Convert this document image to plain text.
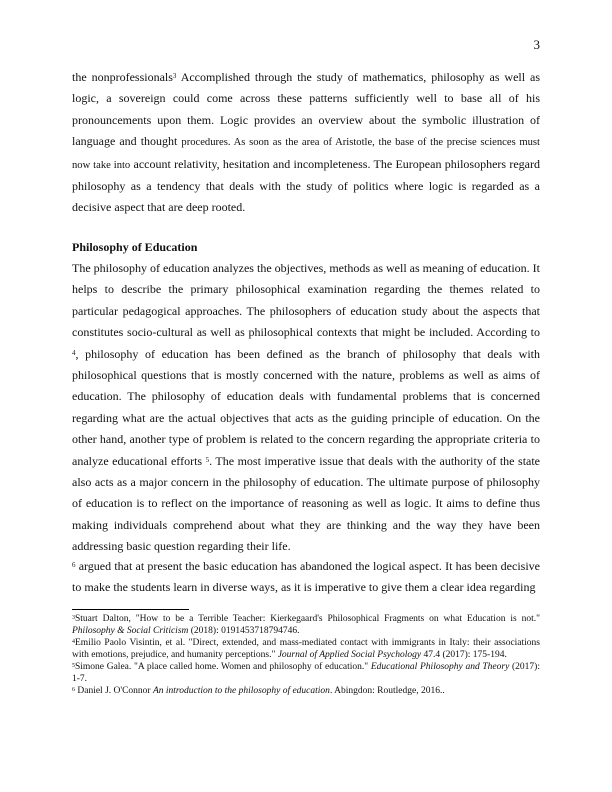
3

the nonprofessionals$^3$ Accomplished through the study of mathematics, philosophy as well as logic, a sovereign could come across these patterns sufficiently well to base all of his pronouncements upon them. Logic provides an overview about the symbolic illustration of language and thought procedures. As soon as the area of Aristotle, the base of the precise sciences must now take into account relativity, hesitation and incompleteness. The European philosophers regard philosophy as a tendency that deals with the study of politics where logic is regarded as a decisive aspect that are deep rooted.

Philosophy of Education

The philosophy of education analyzes the objectives, methods as well as meaning of education. It helps to describe the primary philosophical examination regarding the themes related to particular pedagogical approaches. The philosophers of education study about the aspects that constitutes socio-cultural as well as philosophical contexts that might be included. According to $^4$, philosophy of education has been defined as the branch of philosophy that deals with philosophical questions that is mostly concerned with the nature, problems as well as aims of education. The philosophy of education deals with fundamental problems that is concerned regarding what are the actual objectives that acts as the guiding principle of education. On the other hand, another type of problem is related to the concern regarding the appropriate criteria to analyze educational efforts $^5$. The most imperative issue that deals with the authority of the state also acts as a major concern in the philosophy of education. The ultimate purpose of philosophy of education is to reflect on the importance of reasoning as well as logic. It aims to define thus making individuals comprehend about what they are thinking and the way they have been addressing basic question regarding their life.

$^6$ argued that at present the basic education has abandoned the logical aspect. It has been decisive to make the students learn in diverse ways, as it is imperative to give them a clear idea regarding

$^3$Stuart Dalton, "How to be a Terrible Teacher: Kierkegaard's Philosophical Fragments on what Education is not." Philosophy & Social Criticism (2018): 0191453718794746.

$^4$Emilio Paolo Visintin, et al. "Direct, extended, and mass-mediated contact with immigrants in Italy: their associations with emotions, prejudice, and humanity perceptions." Journal of Applied Social Psychology 47.4 (2017): 175-194.

$^5$Simone Galea. "A place called home. Women and philosophy of education." Educational Philosophy and Theory (2017): 1-7.

$^6$ Daniel J. O'Connor An introduction to the philosophy of education. Abingdon: Routledge, 2016..
